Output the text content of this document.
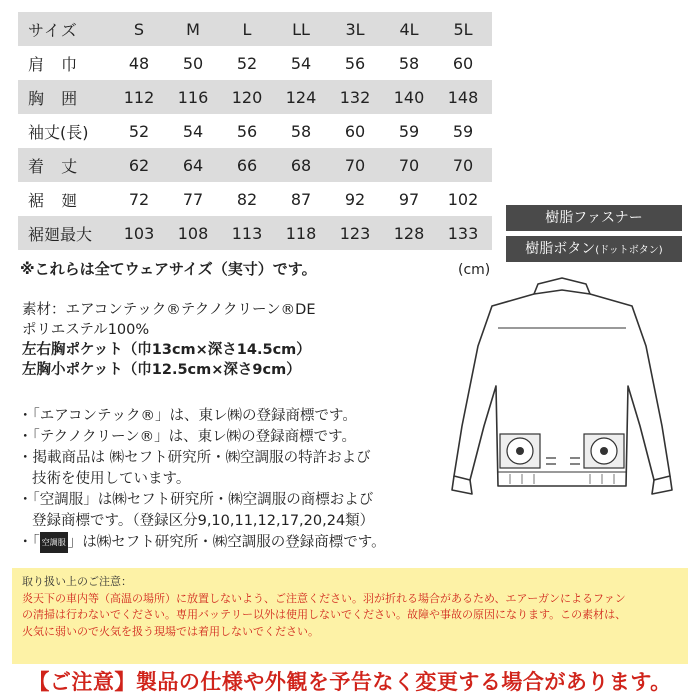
サイズ	S	M	L	LL	3L	4L	5L
肩 巾	48	50	52	54	56	58	60
胸 囲	112	116	120	124	132	140	148
袖丈(長)	52	54	56	58	60	59	59
着 丈	62	64	66	68	70	70	70
裾 廻	72	77	82	87	92	97	102
裾廻最大	103	108	113	118	123	128	133
樹脂ファスナー
樹脂ボタン(ドットボタン)
※これらは全てウェアサイズ（実寸）です。	(cm)
素材：エアコンテック®テクノクリーン®DE
ポリエステル100%
左右胸ポケット（巾13cm×深さ14.5cm）
左胸小ポケット（巾12.5cm×深さ9cm）
・「エアコンテック®」は、東レ㈱の登録商標です。
・「テクノクリーン®」は、東レ㈱の登録商標です。
・掲載商品は ㈱セフト研究所・㈱空調服の特許および
技術を使用しています。
・「空調服」は㈱セフト研究所・㈱空調服の商標および
登録商標です。（登録区分9,10,11,12,17,20,24類）
・「 空調服 」は㈱セフト研究所・㈱空調服の登録商標です。
取り扱い上のご注意：
炎天下の車内等（高温の場所）に放置しないよう、ご注意ください。羽が折れる場合があるため、エアーガンによるファン
の清掃は行わないでください。専用バッテリー以外は使用しないでください。故障や事故の原因になります。この素材は、
火気に弱いので火気を扱う現場では着用しないでください。
【ご注意】製品の仕様や外観を予告なく変更する場合があります。
